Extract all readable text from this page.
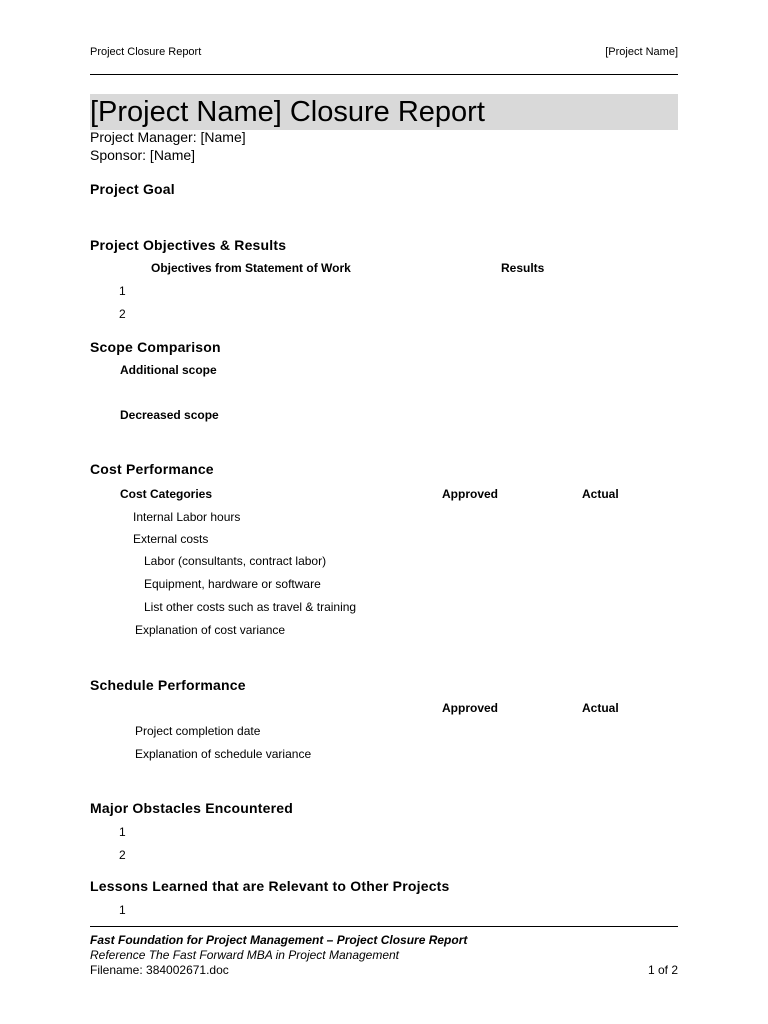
Project Closure Report	[Project Name]
[Project Name] Closure Report
Project Manager: [Name]
Sponsor: [Name]
Project Goal
Project Objectives & Results
Objectives from Statement of Work	Results
1
2
Scope Comparison
Additional scope
Decreased scope
Cost Performance
Cost Categories	Approved	Actual
Internal Labor hours
External costs
Labor (consultants, contract labor)
Equipment, hardware or software
List other costs such as travel & training
Explanation of cost variance
Schedule Performance
Approved	Actual
Project completion date
Explanation of schedule variance
Major Obstacles Encountered
1
2
Lessons Learned that are Relevant to Other Projects
1
Fast Foundation for Project Management – Project Closure Report
Reference The Fast Forward MBA in Project Management
Filename: 384002671.doc	1 of 2
